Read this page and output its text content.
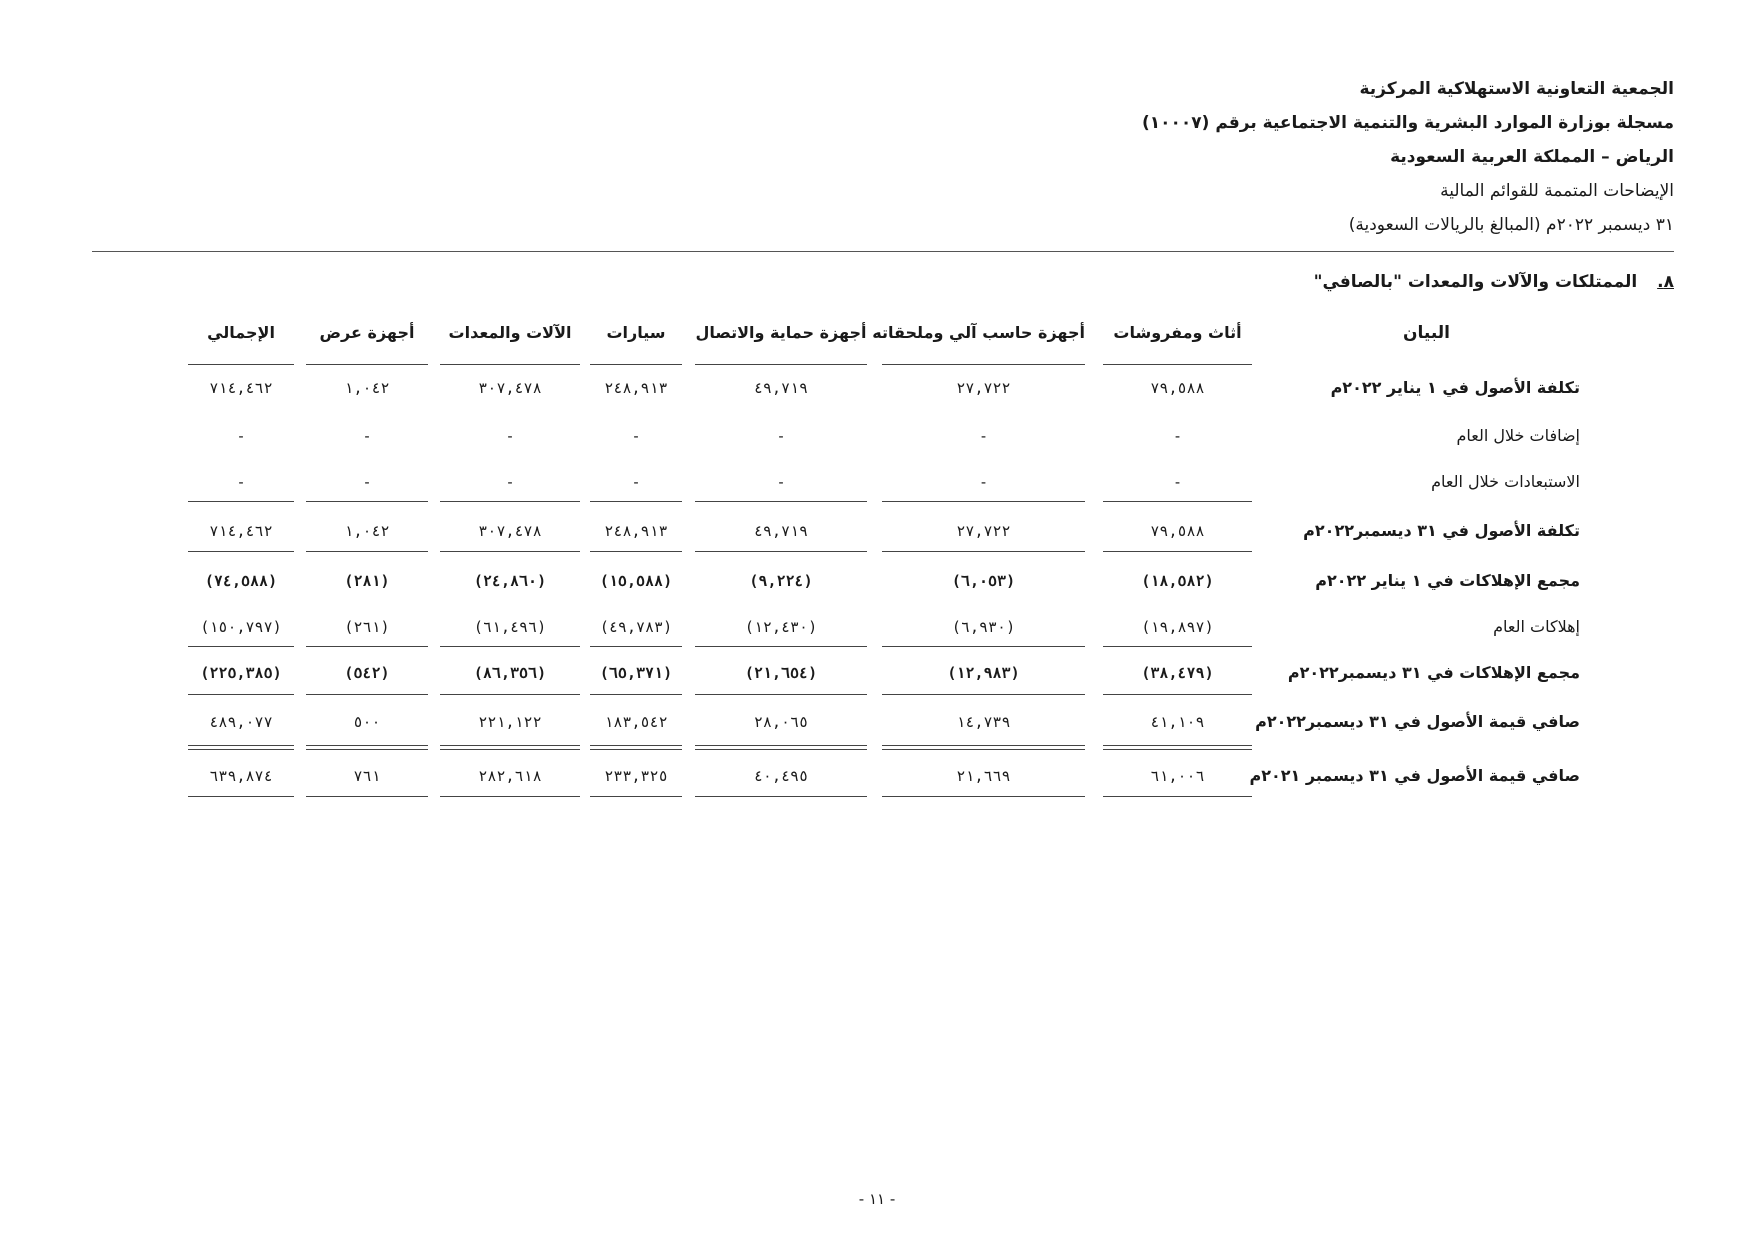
الجمعية التعاونية الاستهلاكية المركزية
مسجلة بوزارة الموارد البشرية والتنمية الاجتماعية برقم (١٠٠٠٧)
الرياض – المملكة العربية السعودية
الإيضاحات المتممة للقوائم المالية
٣١ ديسمبر ٢٠٢٢م (المبالغ بالريالات السعودية)
٨. الممتلكات والآلات والمعدات "بالصافي"
البيان
أثاث ومفروشات
أجهزة حاسب آلي وملحقاته
أجهزة حماية والاتصال
سيارات
الآلات والمعدات
أجهزة عرض
الإجمالي
تكلفة الأصول في ١ يناير ٢٠٢٢م
٧٩,٥٨٨
٢٧,٧٢٢
٤٩,٧١٩
٢٤٨,٩١٣
٣٠٧,٤٧٨
١,٠٤٢
٧١٤,٤٦٢
إضافات خلال العام
-
-
-
-
-
-
-
الاستبعادات خلال العام
-
-
-
-
-
-
-
تكلفة الأصول في ٣١ ديسمبر٢٠٢٢م
٧٩,٥٨٨
٢٧,٧٢٢
٤٩,٧١٩
٢٤٨,٩١٣
٣٠٧,٤٧٨
١,٠٤٢
٧١٤,٤٦٢
مجمع الإهلاكات في ١ يناير ٢٠٢٢م
(١٨,٥٨٢)
(٦,٠٥٣)
(٩,٢٢٤)
(١٥,٥٨٨)
(٢٤,٨٦٠)
(٢٨١)
(٧٤,٥٨٨)
إهلاكات العام
(١٩,٨٩٧)
(٦,٩٣٠)
(١٢,٤٣٠)
(٤٩,٧٨٣)
(٦١,٤٩٦)
(٢٦١)
(١٥٠,٧٩٧)
مجمع الإهلاكات في ٣١ ديسمبر٢٠٢٢م
(٣٨,٤٧٩)
(١٢,٩٨٣)
(٢١,٦٥٤)
(٦٥,٣٧١)
(٨٦,٣٥٦)
(٥٤٢)
(٢٢٥,٣٨٥)
صافي قيمة الأصول في ٣١ ديسمبر٢٠٢٢م
٤١,١٠٩
١٤,٧٣٩
٢٨,٠٦٥
١٨٣,٥٤٢
٢٢١,١٢٢
٥٠٠
٤٨٩,٠٧٧
صافي قيمة الأصول في ٣١ ديسمبر ٢٠٢١م
٦١,٠٠٦
٢١,٦٦٩
٤٠,٤٩٥
٢٣٣,٣٢٥
٢٨٢,٦١٨
٧٦١
٦٣٩,٨٧٤
- ١١ -
